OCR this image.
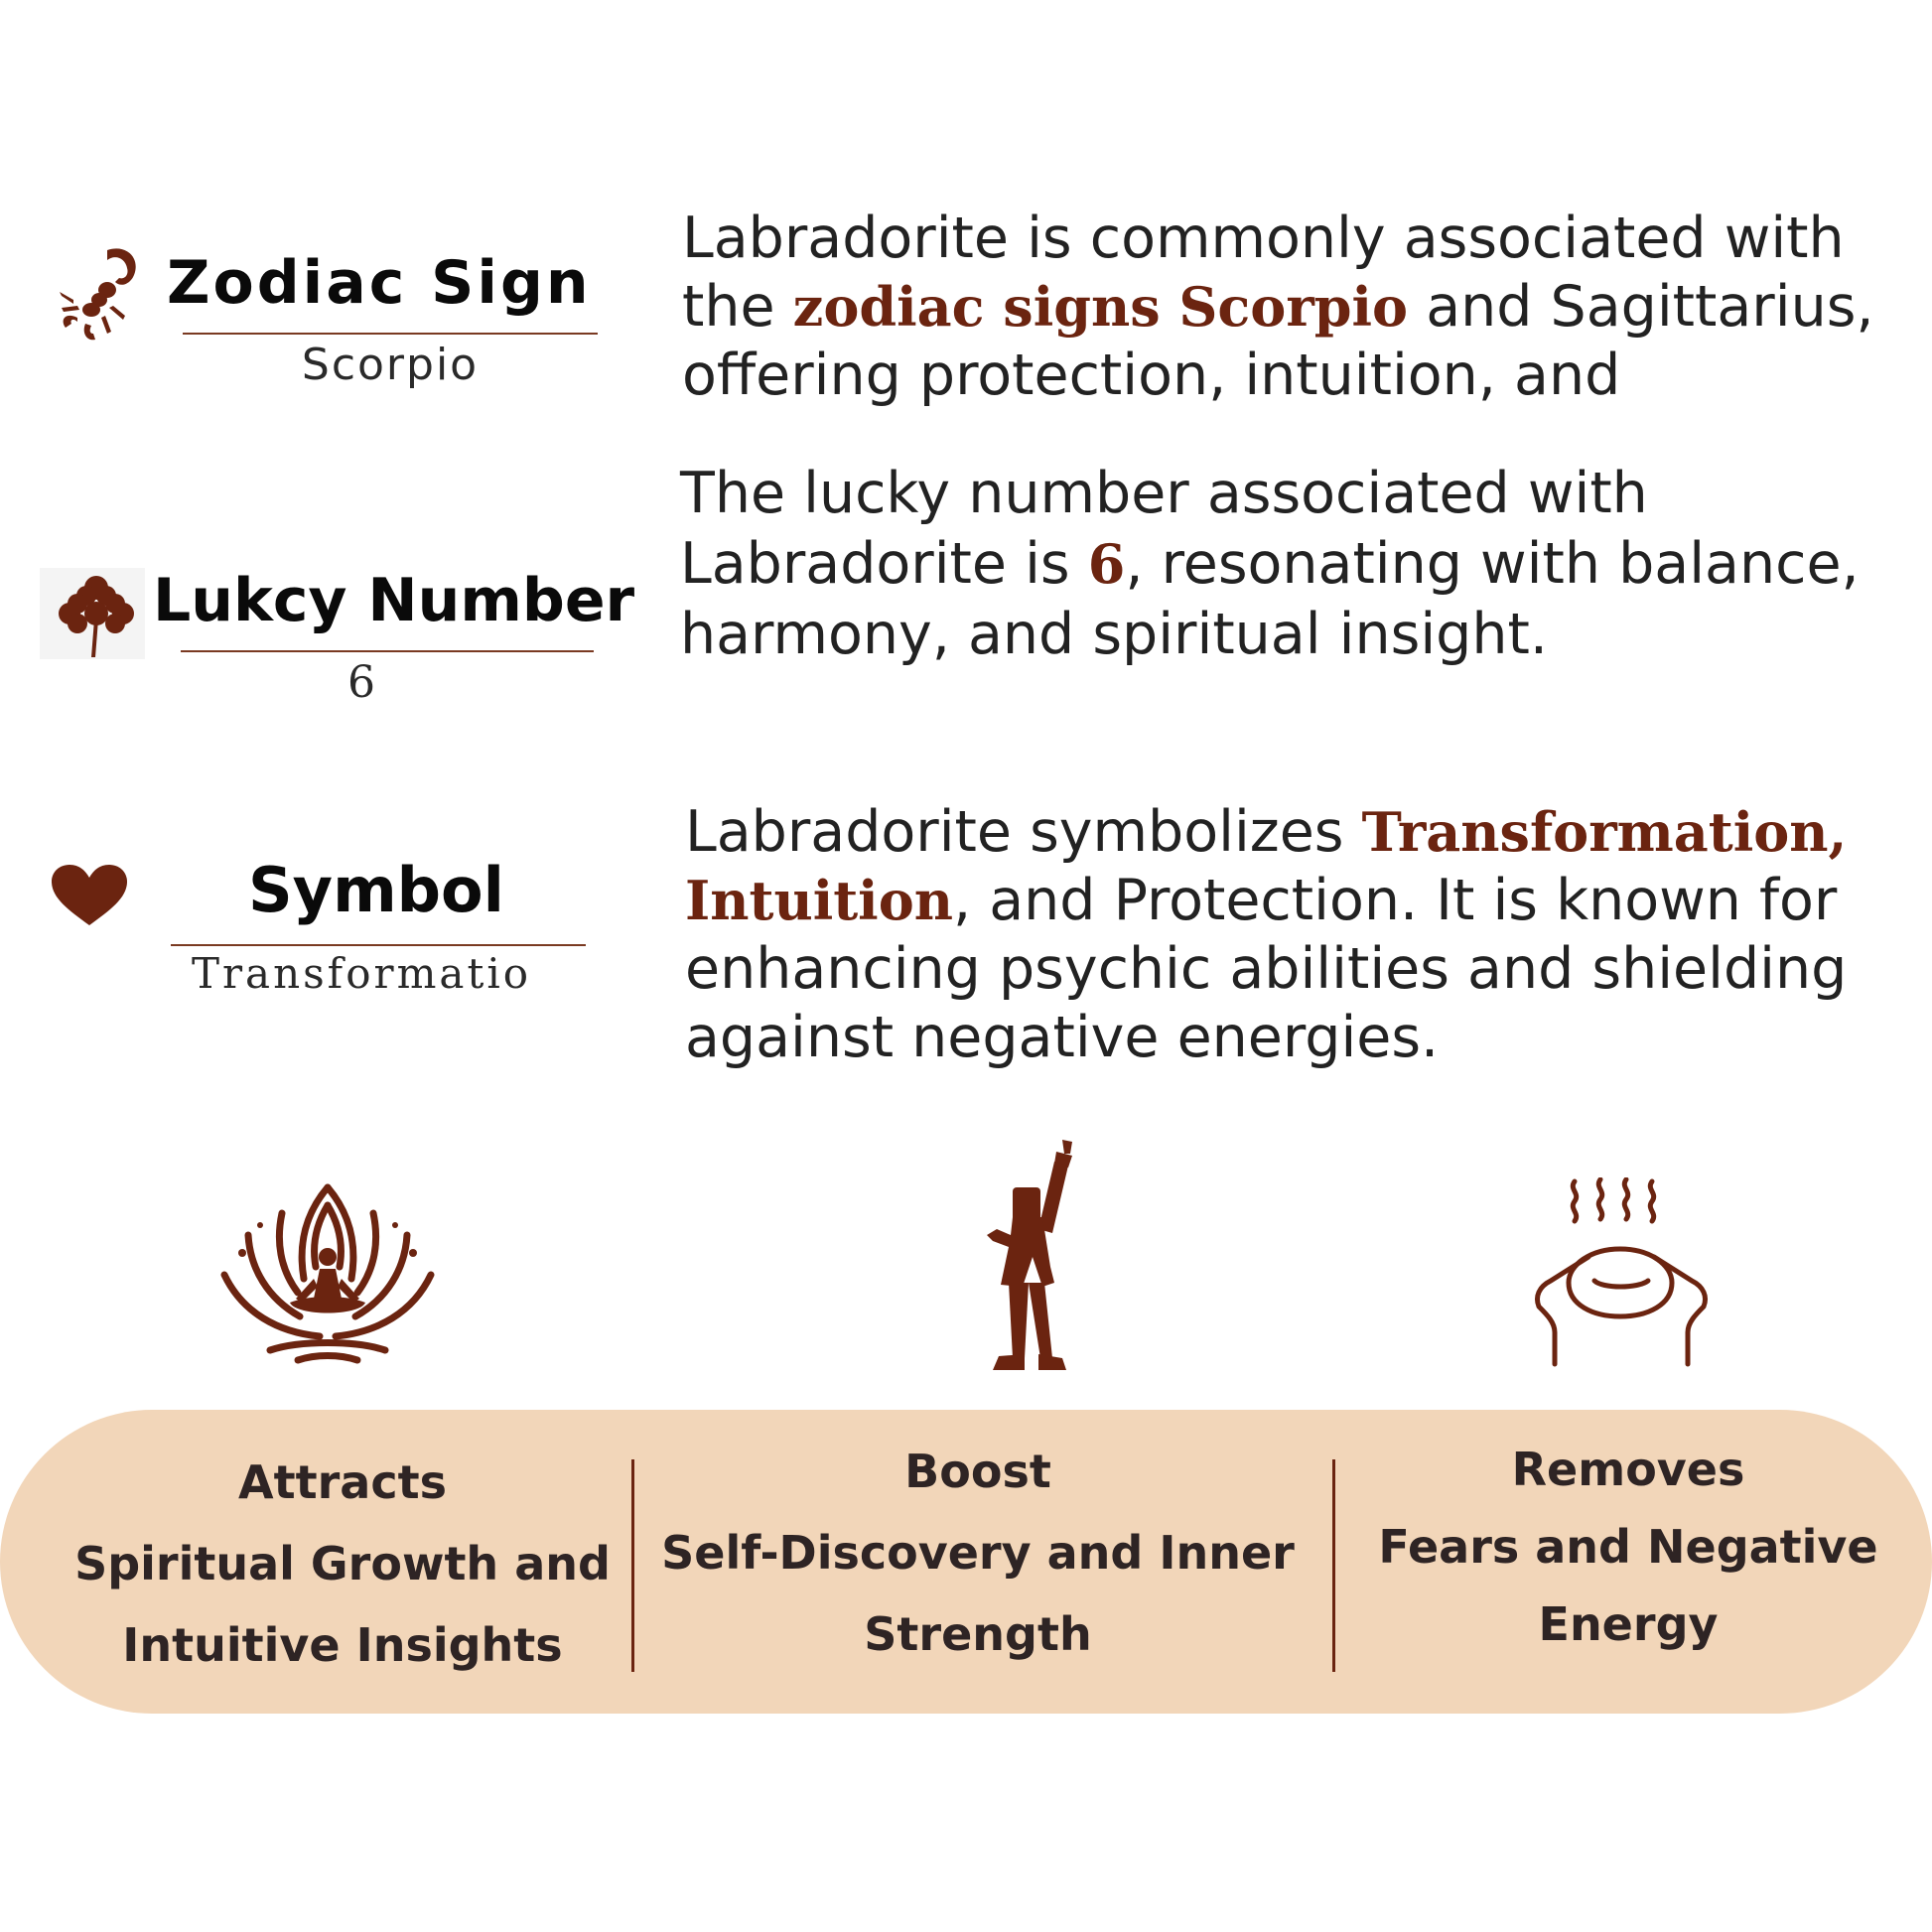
Zodiac Sign
Scorpio
Labradorite is commonly associated with the zodiac signs Scorpio and Sagittarius, offering protection, intuition, and
Lukcy Number
6
The lucky number associated with Labradorite is 6, resonating with balance, harmony, and spiritual insight.
Symbol
Transformatio
Labradorite symbolizes Transformation, Intuition, and Protection. It is known for enhancing psychic abilities and shielding against negative energies.
Attracts
Spiritual Growth and
Intuitive Insights
Boost
Self-Discovery and Inner
Strength
Removes
Fears and Negative
Energy
